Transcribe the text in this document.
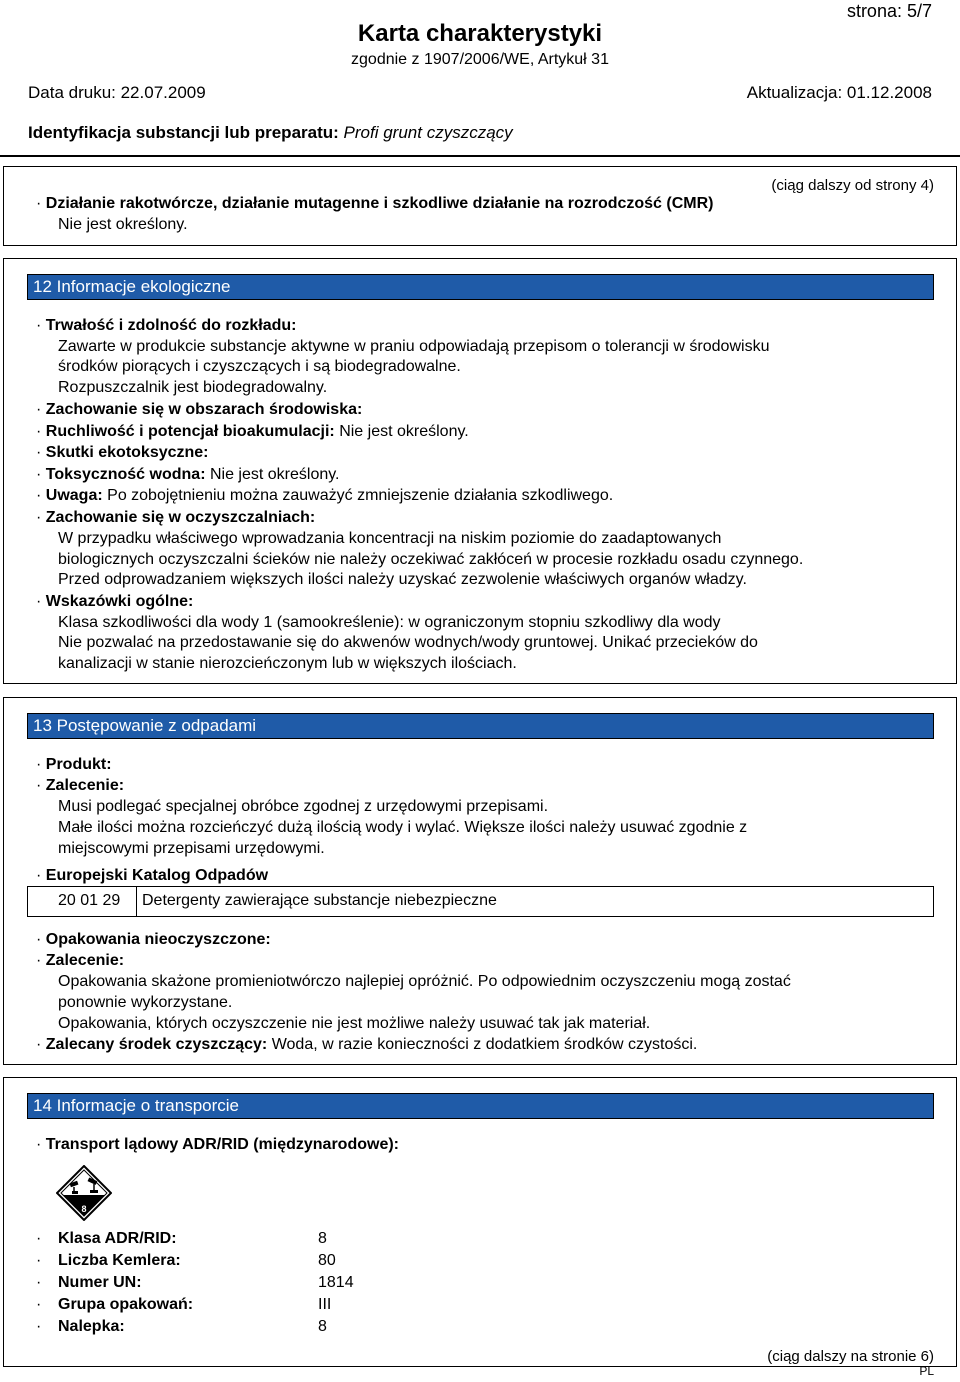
strona: 5/7
Karta charakterystyki
zgodnie z 1907/2006/WE, Artykuł 31
Data druku: 22.07.2009	Aktualizacja: 01.12.2008
Identyfikacja substancji lub preparatu: Profi grunt czyszczący
(ciąg dalszy od strony 4)
· Działanie rakotwórcze, działanie mutagenne i szkodliwe działanie na rozrodczość (CMR)
Nie jest określony.
12 Informacje ekologiczne
· Trwałość i zdolność do rozkładu:
Zawarte w produkcie substancje aktywne w praniu odpowiadają przepisom o tolerancji w środowisku
środków piorących i czyszczących i są biodegradowalne.
Rozpuszczalnik jest biodegradowalny.
· Zachowanie się w obszarach środowiska:
· Ruchliwość i potencjał bioakumulacji: Nie jest określony.
· Skutki ekotoksyczne:
· Toksyczność wodna: Nie jest określony.
· Uwaga: Po zobojętnieniu można zauważyć zmniejszenie działania szkodliwego.
· Zachowanie się w oczyszczalniach:
W przypadku właściwego wprowadzania koncentracji na niskim poziomie do zaadaptowanych
biologicznych oczyszczalni ścieków nie należy oczekiwać zakłóceń w procesie rozkładu osadu czynnego.
Przed odprowadzaniem większych ilości należy uzyskać zezwolenie właściwych organów władzy.
· Wskazówki ogólne:
Klasa szkodliwości dla wody 1 (samookreślenie): w ograniczonym stopniu szkodliwy dla wody
Nie pozwalać na przedostawanie się do akwenów wodnych/wody gruntowej. Unikać przecieków do
kanalizacji w stanie nierozcieńczonym lub w większych ilościach.
13 Postępowanie z odpadami
· Produkt:
· Zalecenie:
Musi podlegać specjalnej obróbce zgodnej z urzędowymi przepisami.
Małe ilości można rozcieńczyć dużą ilością wody i wylać. Większe ilości należy usuwać zgodnie z
miejscowymi przepisami urzędowymi.
· Europejski Katalog Odpadów
20 01 29 Detergenty zawierające substancje niebezpieczne
· Opakowania nieoczyszczone:
· Zalecenie:
Opakowania skażone promieniotwórczo najlepiej opróżnić. Po odpowiednim oczyszczeniu mogą zostać
ponownie wykorzystane.
Opakowania, których oczyszczenie nie jest możliwe należy usuwać tak jak materiał.
· Zalecany środek czyszczący: Woda, w razie konieczności z dodatkiem środków czystości.
14 Informacje o transporcie
· Transport lądowy ADR/RID (międzynarodowe):
8
· Klasa ADR/RID:	8
· Liczba Kemlera:	80
· Numer UN:	1814
· Grupa opakowań:	III
· Nalepka:	8
(ciąg dalszy na stronie 6)
PL
